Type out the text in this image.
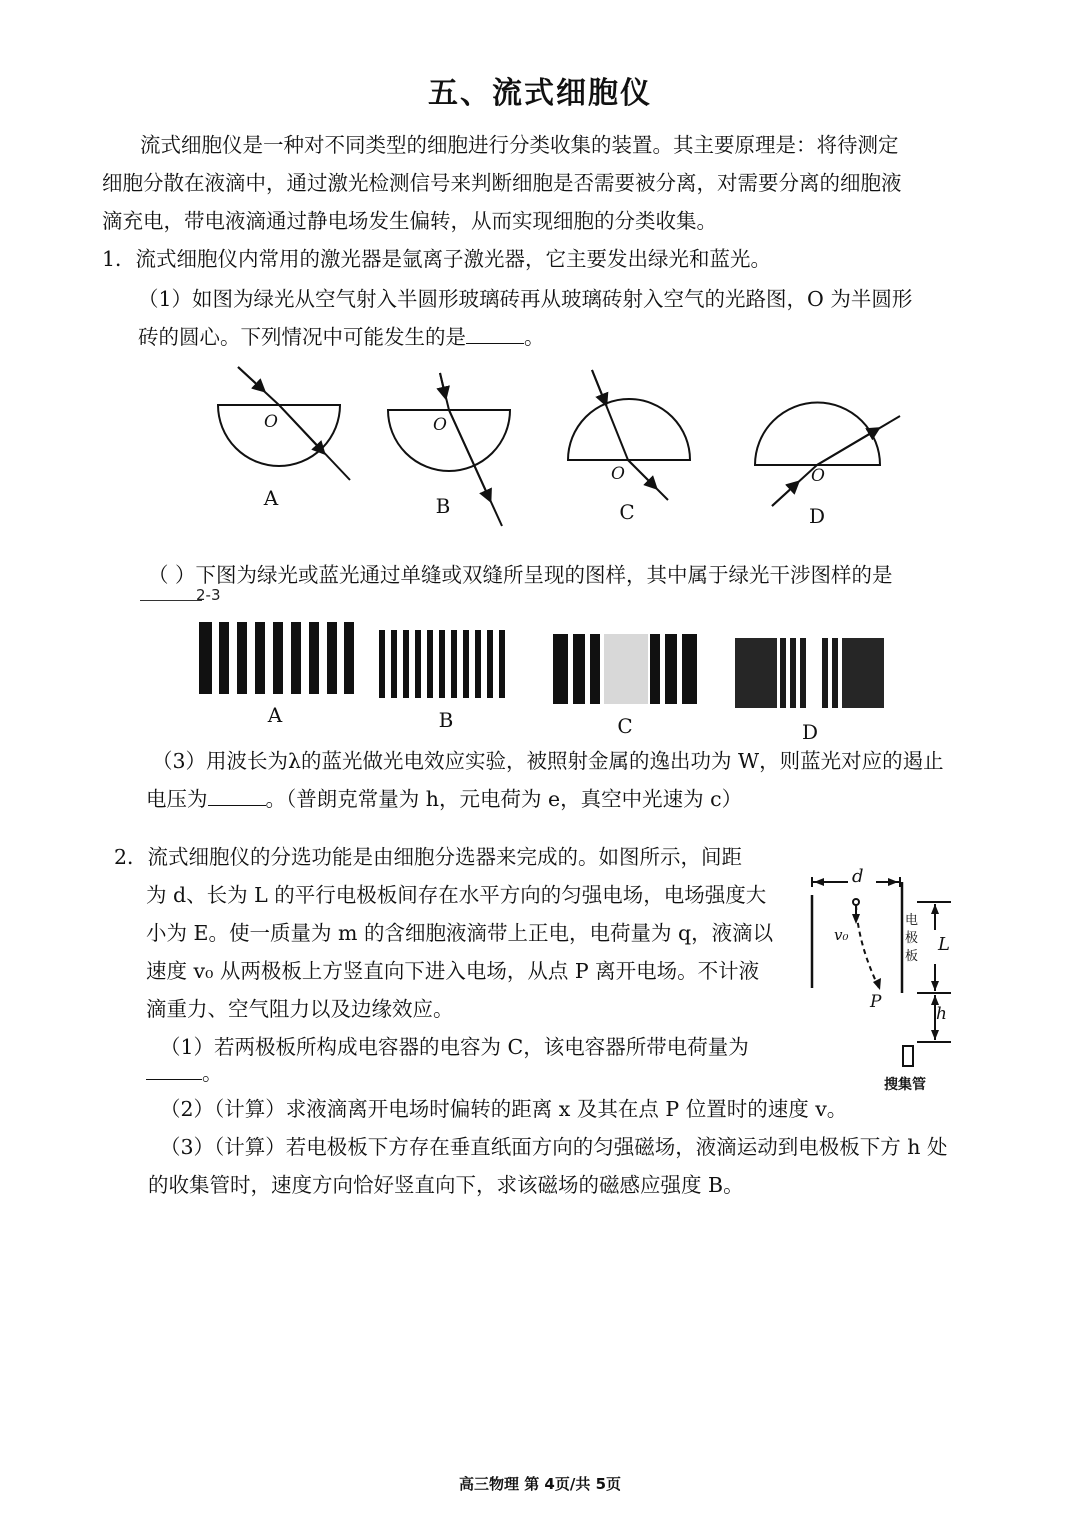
五、流式细胞仪
流式细胞仪是一种对不同类型的细胞进行分类收集的装置。其主要原理是：将待测定
细胞分散在液滴中，通过激光检测信号来判断细胞是否需要被分离，对需要分离的细胞液
滴充电，带电液滴通过静电场发生偏转，从而实现细胞的分类收集。
1．流式细胞仪内常用的激光器是氩离子激光器，它主要发出绿光和蓝光。
（1）如图为绿光从空气射入半圆形玻璃砖再从玻璃砖射入空气的光路图，O 为半圆形
砖的圆心。下列情况中可能发生的是	。
O	O
O	O
A	B	C	D
（ ）下图为绿光或蓝光通过单缝或双缝所呈现的图样，其中属于绿光干涉图样的是
2-3
A	B	C	D
（3）用波长为λ的蓝光做光电效应实验，被照射金属的逸出功为 W，则蓝光对应的遏止
电压为	。（普朗克常量为 h，元电荷为 e，真空中光速为 c）
2．流式细胞仪的分选功能是由细胞分选器来完成的。如图所示，间距
为 d、长为 L 的平行电极板间存在水平方向的匀强电场，电场强度大
小为 E。使一质量为 m 的含细胞液滴带上正电，电荷量为 q，液滴以
速度 v₀ 从两极板上方竖直向下进入电场，从点 P 离开电场。不计液
滴重力、空气阻力以及边缘效应。
（1）若两极板所构成电容器的电容为 C，该电容器所带电荷量为
。
（2）（计算）求液滴离开电场时偏转的距离 x 及其在点 P 位置时的速度 v。
（3）（计算）若电极板下方存在垂直纸面方向的匀强磁场，液滴运动到电极板下方 h 处
的收集管时，速度方向恰好竖直向下，求该磁场的磁感应强度 B。
d
v₀
电
极
板
L
P
h
搜集管
高三物理 第 4页/共 5页
